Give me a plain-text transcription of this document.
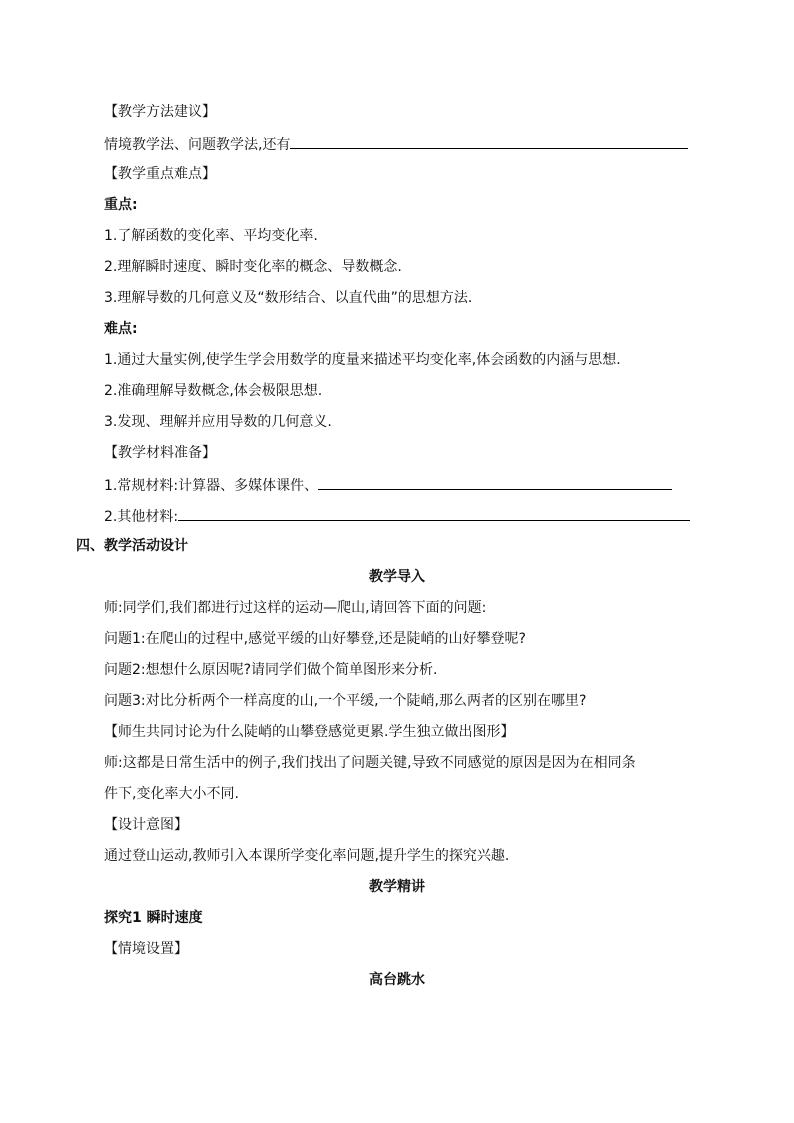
【教学方法建议】
情境教学法、问题教学法,还有
【教学重点难点】
重点:
1.了解函数的变化率、平均变化率.
2.理解瞬时速度、瞬时变化率的概念、导数概念.
3.理解导数的几何意义及“数形结合、以直代曲”的思想方法.
难点:
1.通过大量实例,使学生学会用数学的度量来描述平均变化率,体会函数的内涵与思想.
2.准确理解导数概念,体会极限思想.
3.发现、理解并应用导数的几何意义.
【教学材料准备】
1.常规材料:计算器、多媒体课件、
2.其他材料:
四、教学活动设计
教学导入
师:同学们,我们都进行过这样的运动—爬山,请回答下面的问题:
问题1:在爬山的过程中,感觉平缓的山好攀登,还是陡峭的山好攀登呢?
问题2:想想什么原因呢?请同学们做个简单图形来分析.
问题3:对比分析两个一样高度的山,一个平缓,一个陡峭,那么两者的区别在哪里?
【师生共同讨论为什么陡峭的山攀登感觉更累.学生独立做出图形】
师:这都是日常生活中的例子,我们找出了问题关键,导致不同感觉的原因是因为在相同条
件下,变化率大小不同.
【设计意图】
通过登山运动,教师引入本课所学变化率问题,提升学生的探究兴趣.
教学精讲
探究1 瞬时速度
【情境设置】
高台跳水
